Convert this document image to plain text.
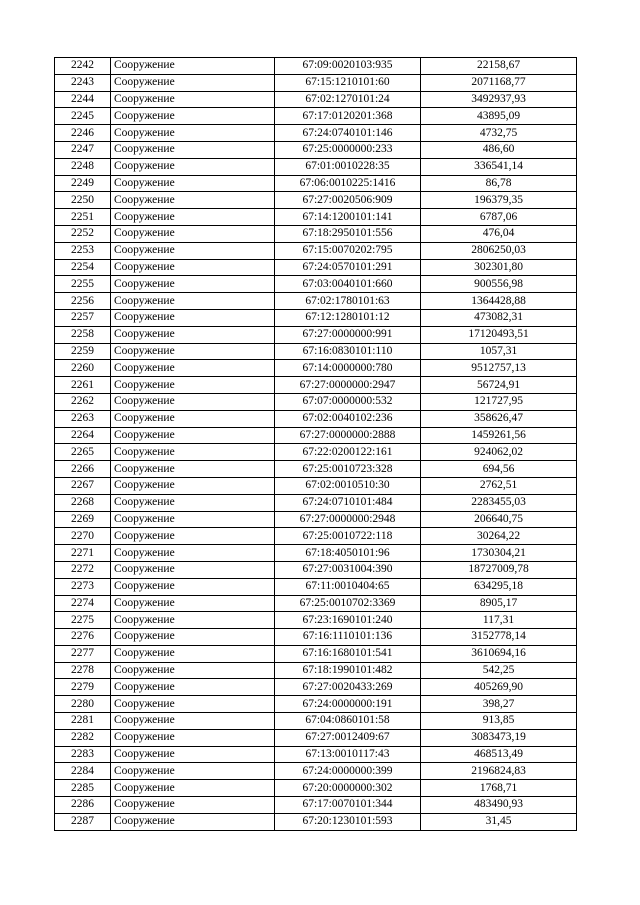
2242	Сооружение	67:09:0020103:935	22158,67
2243	Сооружение	67:15:1210101:60	2071168,77
2244	Сооружение	67:02:1270101:24	3492937,93
2245	Сооружение	67:17:0120201:368	43895,09
2246	Сооружение	67:24:0740101:146	4732,75
2247	Сооружение	67:25:0000000:233	486,60
2248	Сооружение	67:01:0010228:35	336541,14
2249	Сооружение	67:06:0010225:1416	86,78
2250	Сооружение	67:27:0020506:909	196379,35
2251	Сооружение	67:14:1200101:141	6787,06
2252	Сооружение	67:18:2950101:556	476,04
2253	Сооружение	67:15:0070202:795	2806250,03
2254	Сооружение	67:24:0570101:291	302301,80
2255	Сооружение	67:03:0040101:660	900556,98
2256	Сооружение	67:02:1780101:63	1364428,88
2257	Сооружение	67:12:1280101:12	473082,31
2258	Сооружение	67:27:0000000:991	17120493,51
2259	Сооружение	67:16:0830101:110	1057,31
2260	Сооружение	67:14:0000000:780	9512757,13
2261	Сооружение	67:27:0000000:2947	56724,91
2262	Сооружение	67:07:0000000:532	121727,95
2263	Сооружение	67:02:0040102:236	358626,47
2264	Сооружение	67:27:0000000:2888	1459261,56
2265	Сооружение	67:22:0200122:161	924062,02
2266	Сооружение	67:25:0010723:328	694,56
2267	Сооружение	67:02:0010510:30	2762,51
2268	Сооружение	67:24:0710101:484	2283455,03
2269	Сооружение	67:27:0000000:2948	206640,75
2270	Сооружение	67:25:0010722:118	30264,22
2271	Сооружение	67:18:4050101:96	1730304,21
2272	Сооружение	67:27:0031004:390	18727009,78
2273	Сооружение	67:11:0010404:65	634295,18
2274	Сооружение	67:25:0010702:3369	8905,17
2275	Сооружение	67:23:1690101:240	117,31
2276	Сооружение	67:16:1110101:136	3152778,14
2277	Сооружение	67:16:1680101:541	3610694,16
2278	Сооружение	67:18:1990101:482	542,25
2279	Сооружение	67:27:0020433:269	405269,90
2280	Сооружение	67:24:0000000:191	398,27
2281	Сооружение	67:04:0860101:58	913,85
2282	Сооружение	67:27:0012409:67	3083473,19
2283	Сооружение	67:13:0010117:43	468513,49
2284	Сооружение	67:24:0000000:399	2196824,83
2285	Сооружение	67:20:0000000:302	1768,71
2286	Сооружение	67:17:0070101:344	483490,93
2287	Сооружение	67:20:1230101:593	31,45
